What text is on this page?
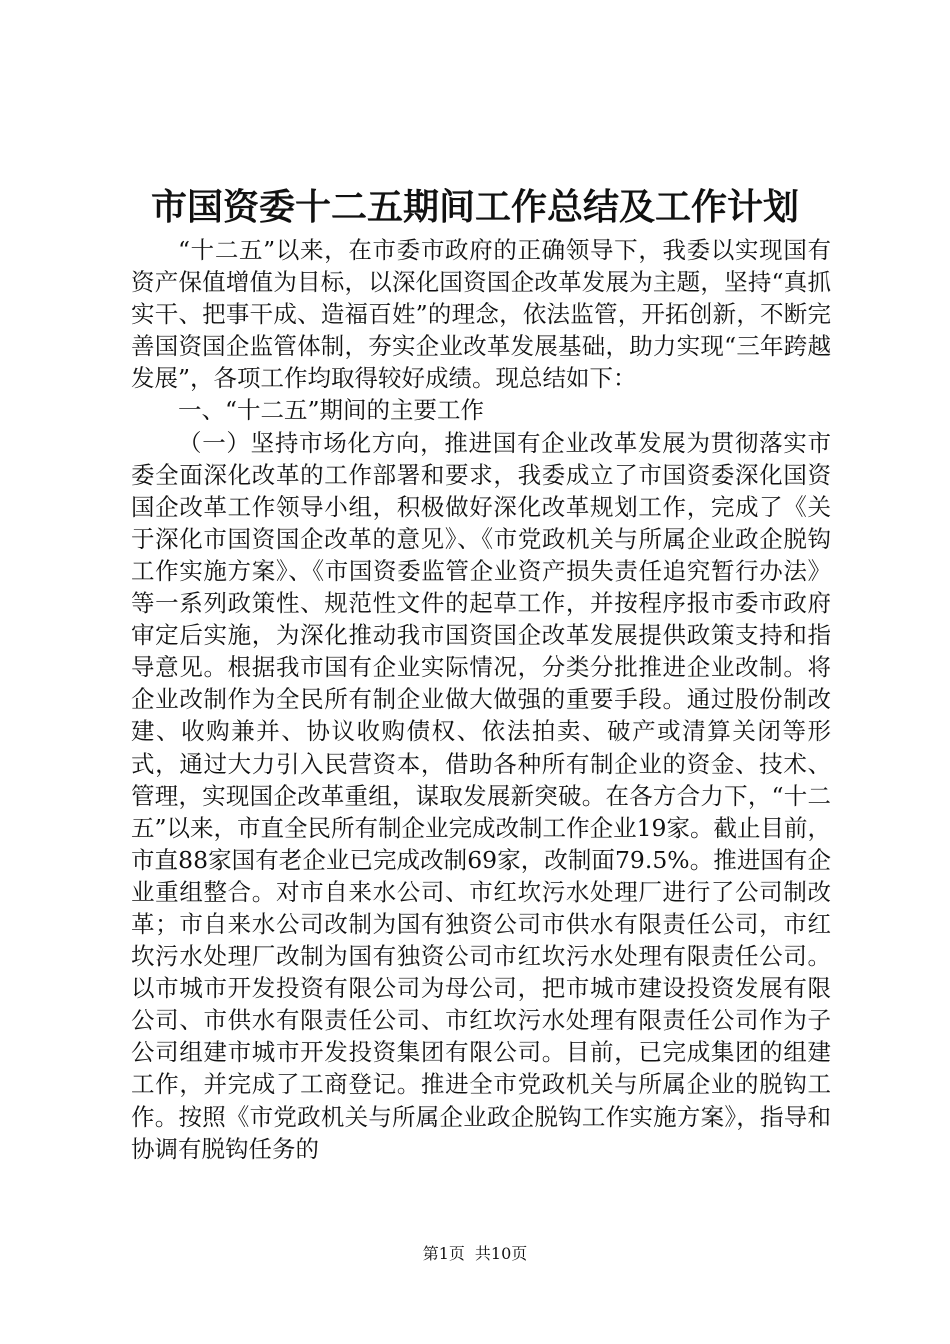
市国资委十二五期间工作总结及工作计划

“十二五”以来，在市委市政府的正确领导下，我委以实现国有资产保值增值为目标，以深化国资国企改革发展为主题，坚持“真抓实干、把事干成、造福百姓”的理念，依法监管，开拓创新，不断完善国资国企监管体制，夯实企业改革发展基础，助力实现“三年跨越发展”，各项工作均取得较好成绩。现总结如下：

一、“十二五”期间的主要工作

（一）坚持市场化方向，推进国有企业改革发展为贯彻落实市委全面深化改革的工作部署和要求，我委成立了市国资委深化国资国企改革工作领导小组，积极做好深化改革规划工作，完成了《关于深化市国资国企改革的意见》、《市党政机关与所属企业政企脱钩工作实施方案》、《市国资委监管企业资产损失责任追究暂行办法》等一系列政策性、规范性文件的起草工作，并按程序报市委市政府审定后实施，为深化推动我市国资国企改革发展提供政策支持和指导意见。根据我市国有企业实际情况，分类分批推进企业改制。将企业改制作为全民所有制企业做大做强的重要手段。通过股份制改建、收购兼并、协议收购债权、依法拍卖、破产或清算关闭等形式，通过大力引入民营资本，借助各种所有制企业的资金、技术、管理，实现国企改革重组，谋取发展新突破。在各方合力下，“十二五”以来，市直全民所有制企业完成改制工作企业19家。截止目前，市直88家国有老企业已完成改制69家，改制面79.5%。推进国有企业重组整合。对市自来水公司、市红坎污水处理厂进行了公司制改革；市自来水公司改制为国有独资公司市供水有限责任公司，市红坎污水处理厂改制为国有独资公司市红坎污水处理有限责任公司。以市城市开发投资有限公司为母公司，把市城市建设投资发展有限公司、市供水有限责任公司、市红坎污水处理有限责任公司作为子公司组建市城市开发投资集团有限公司。目前，已完成集团的组建工作，并完成了工商登记。推进全市党政机关与所属企业的脱钩工作。按照《市党政机关与所属企业政企脱钩工作实施方案》，指导和协调有脱钩任务的

第1页 共10页
